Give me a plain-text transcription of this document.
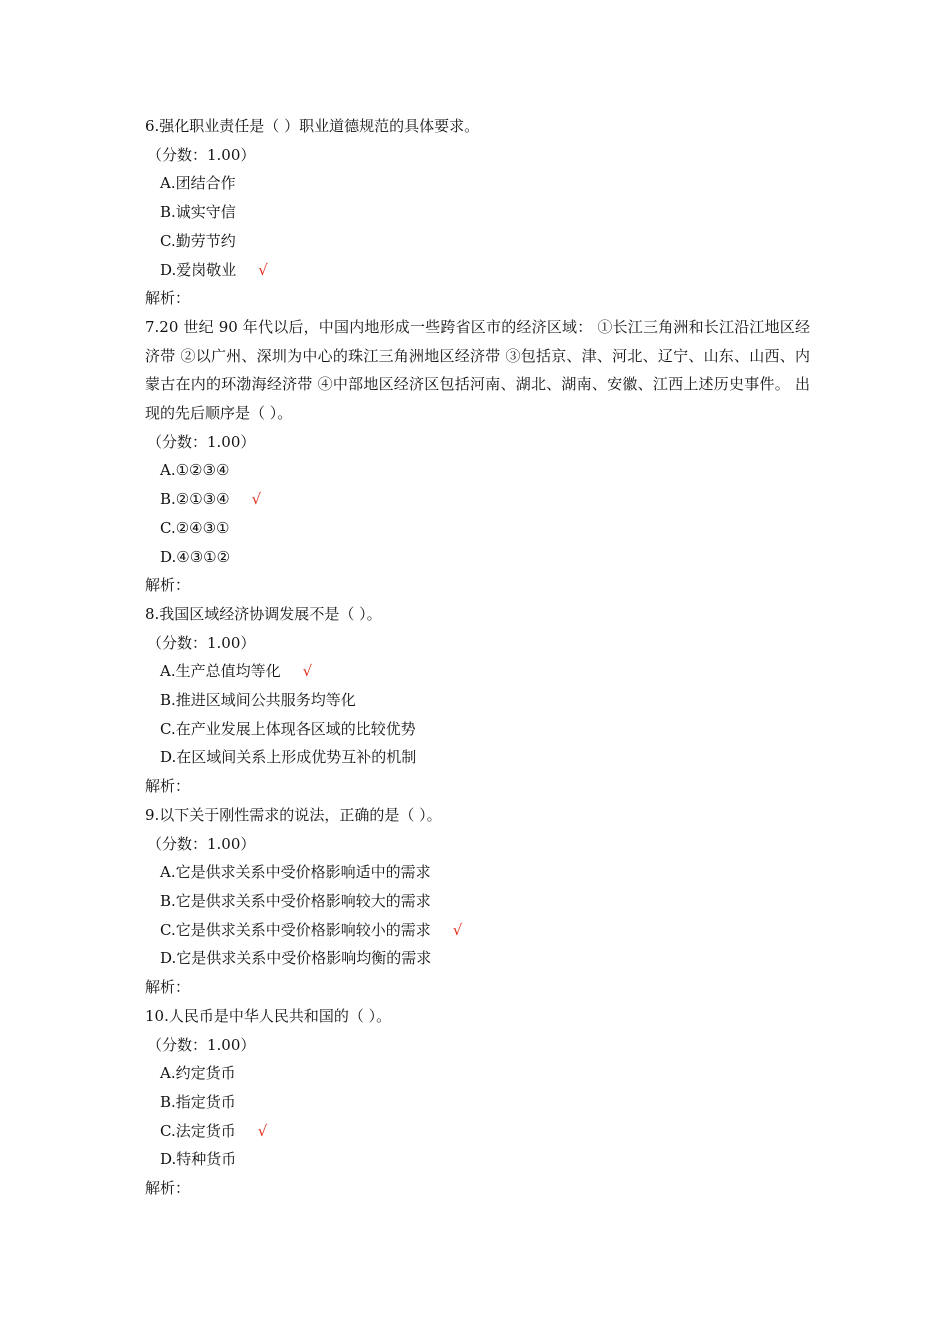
6.强化职业责任是（ ）职业道德规范的具体要求。
（分数：1.00）
A.团结合作
B.诚实守信
C.勤劳节约
D.爱岗敬业 √
解析：
7.20 世纪 90 年代以后，中国内地形成一些跨省区市的经济区域： ①长江三角洲和长江沿江地区经济带 ②以广州、深圳为中心的珠江三角洲地区经济带 ③包括京、津、河北、辽宁、山东、山西、内蒙古在内的环渤海经济带 ④中部地区经济区包括河南、湖北、湖南、安徽、江西上述历史事件。 出现的先后顺序是（ ）。
（分数：1.00）
A.①②③④
B.②①③④ √
C.②④③①
D.④③①②
解析：
8.我国区域经济协调发展不是（ ）。
（分数：1.00）
A.生产总值均等化 √
B.推进区域间公共服务均等化
C.在产业发展上体现各区域的比较优势
D.在区域间关系上形成优势互补的机制
解析：
9.以下关于刚性需求的说法，正确的是（ ）。
（分数：1.00）
A.它是供求关系中受价格影响适中的需求
B.它是供求关系中受价格影响较大的需求
C.它是供求关系中受价格影响较小的需求 √
D.它是供求关系中受价格影响均衡的需求
解析：
10.人民币是中华人民共和国的（ ）。
（分数：1.00）
A.约定货币
B.指定货币
C.法定货币 √
D.特种货币
解析：
